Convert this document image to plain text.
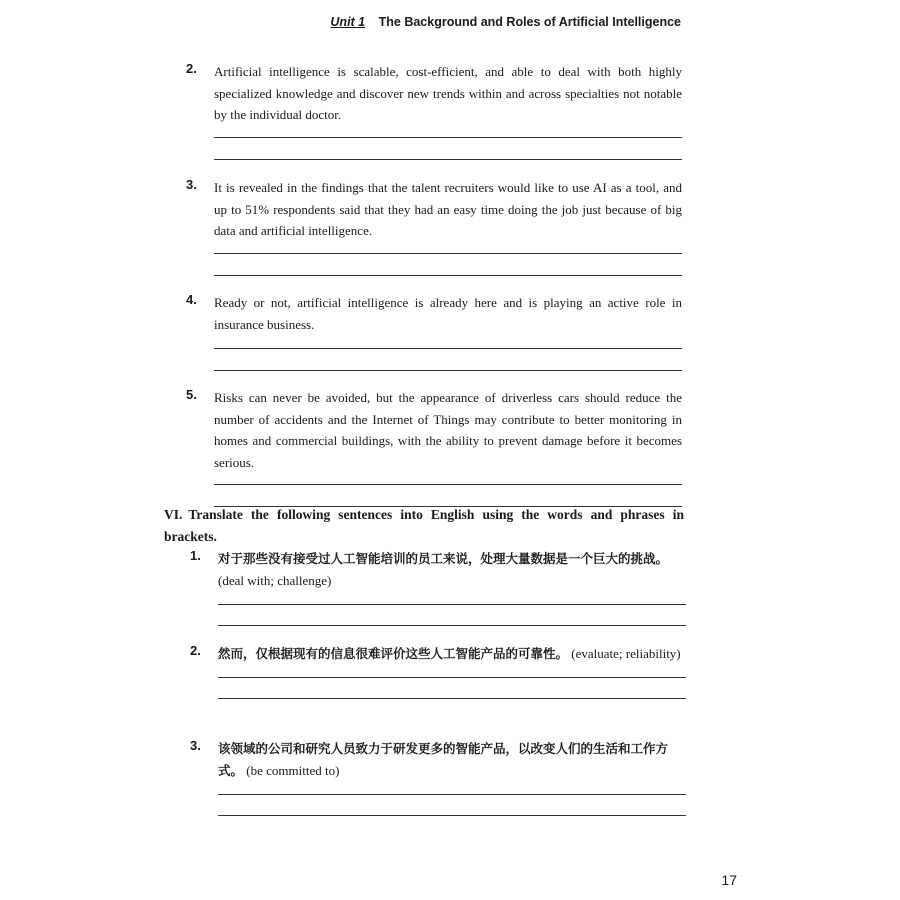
Unit 1 The Background and Roles of Artificial Intelligence
2. Artificial intelligence is scalable, cost-efficient, and able to deal with both highly specialized knowledge and discover new trends within and across specialties not notable by the individual doctor.
3. It is revealed in the findings that the talent recruiters would like to use AI as a tool, and up to 51% respondents said that they had an easy time doing the job just because of big data and artificial intelligence.
4. Ready or not, artificial intelligence is already here and is playing an active role in insurance business.
5. Risks can never be avoided, but the appearance of driverless cars should reduce the number of accidents and the Internet of Things may contribute to better monitoring in homes and commercial buildings, with the ability to prevent damage before it becomes serious.
VI. Translate the following sentences into English using the words and phrases in brackets.
1. 对于那些没有接受过人工智能培训的员工来说，处理大量数据是一个巨大的挑战。
(deal with; challenge)
2. 然而，仅根据现有的信息很难评价这些人工智能产品的可靠性。 (evaluate; reliability)
3. 该领域的公司和研究人员致力于研发更多的智能产品，以改变人们的生活和工作方式。 (be committed to)
17
